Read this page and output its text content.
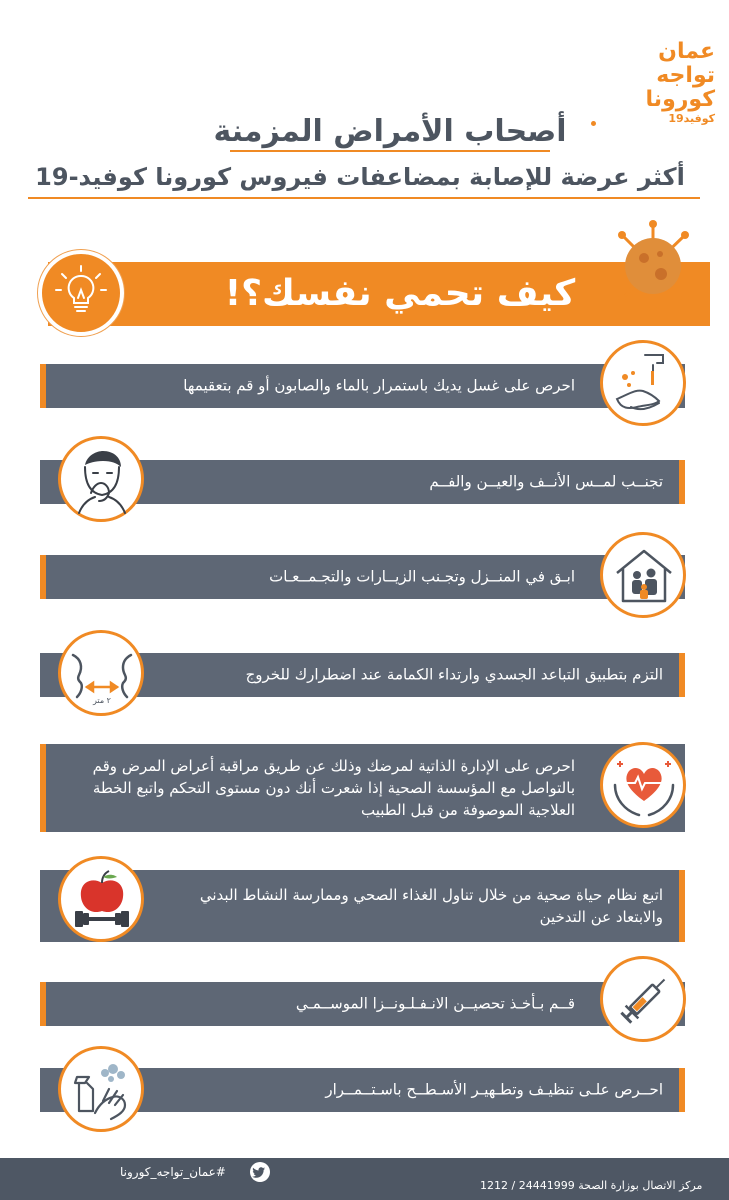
عمان
تواجه
كورونا
كوفيد19
أصحاب الأمراض المزمنة
أكثر عرضة للإصابة بمضاعفات فيروس كورونا كوفيد-19
كيف تحمي نفسك؟!
احرص على غسل يديك باستمرار بالماء والصابون أو قم بتعقيمها
تجنــب لمــس الأنــف والعيــن والفــم
ابـق في المنــزل وتجـنب الزيــارات والتجـمــعـات
التزم بتطبيق التباعد الجسدي وارتداء الكمامة عند اضطرارك للخروج
٢ متر
احرص على الإدارة الذاتية لمرضك وذلك عن طريق مراقبة أعراض المرض وقم بالتواصل مع المؤسسة الصحية إذا شعرت أنك دون مستوى التحكم واتبع الخطة العلاجية الموصوفة من قبل الطبيب
اتبع نظام حياة صحية من خلال تناول الغذاء الصحي وممارسة النشاط البدني والابتعاد عن التدخين
قــم بـأخـذ تحصيــن الانـفـلـونــزا الموســمـي
احــرص علـى تنظيـف وتطـهيـر الأسـطــح باسـتــمــرار
#عمان_تواجه_كورونا
مركز الاتصال بوزارة الصحة 24441999 / 1212
